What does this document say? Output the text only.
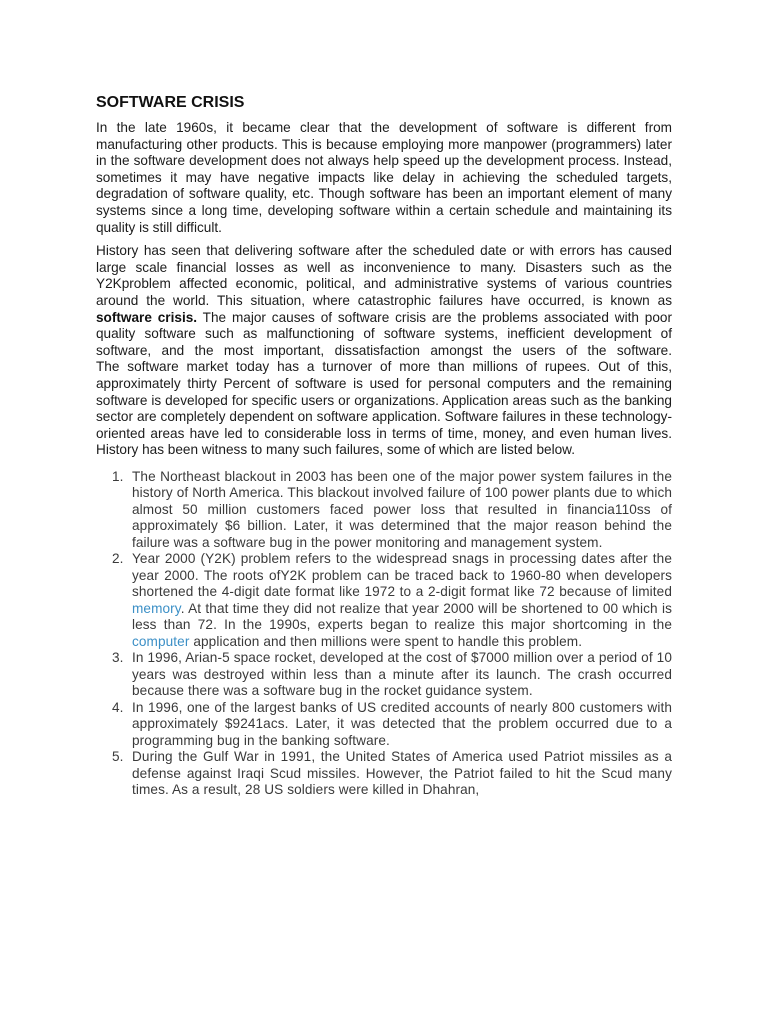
SOFTWARE CRISIS

In the late 1960s, it became clear that the development of software is different from manufacturing other products. This is because employing more manpower (programmers) later in the software development does not always help speed up the development process. Instead, sometimes it may have negative impacts like delay in achieving the scheduled targets, degradation of software quality, etc. Though software has been an important element of many systems since a long time, developing software within a certain schedule and maintaining its quality is still difficult.

History has seen that delivering software after the scheduled date or with errors has caused large scale financial losses as well as inconvenience to many. Disasters such as the Y2Kproblem affected economic, political, and administrative systems of various countries around the world. This situation, where catastrophic failures have occurred, is known as software crisis. The major causes of software crisis are the problems associated with poor quality software such as malfunctioning of software systems, inefficient development of software, and the most important, dissatisfaction amongst the users of the software.

The software market today has a turnover of more than millions of rupees. Out of this, approximately thirty Percent of software is used for personal computers and the remaining software is developed for specific users or organizations. Application areas such as the banking sector are completely dependent on software application. Software failures in these technology-oriented areas have led to considerable loss in terms of time, money, and even human lives. History has been witness to many such failures, some of which are listed below.

1. The Northeast blackout in 2003 has been one of the major power system failures in the history of North America. This blackout involved failure of 100 power plants due to which almost 50 million customers faced power loss that resulted in financia110ss of approximately $6 billion. Later, it was determined that the major reason behind the failure was a software bug in the power monitoring and management system.
2. Year 2000 (Y2K) problem refers to the widespread snags in processing dates after the year 2000. The roots ofY2K problem can be traced back to 1960-80 when developers shortened the 4-digit date format like 1972 to a 2-digit format like 72 because of limited memory. At that time they did not realize that year 2000 will be shortened to 00 which is less than 72. In the 1990s, experts began to realize this major shortcoming in the computer application and then millions were spent to handle this problem.
3. In 1996, Arian-5 space rocket, developed at the cost of $7000 million over a period of 10 years was destroyed within less than a minute after its launch. The crash occurred because there was a software bug in the rocket guidance system.
4. In 1996, one of the largest banks of US credited accounts of nearly 800 customers with approximately $9241acs. Later, it was detected that the problem occurred due to a programming bug in the banking software.
5. During the Gulf War in 1991, the United States of America used Patriot missiles as a defense against Iraqi Scud missiles. However, the Patriot failed to hit the Scud many times. As a result, 28 US soldiers were killed in Dhahran,
